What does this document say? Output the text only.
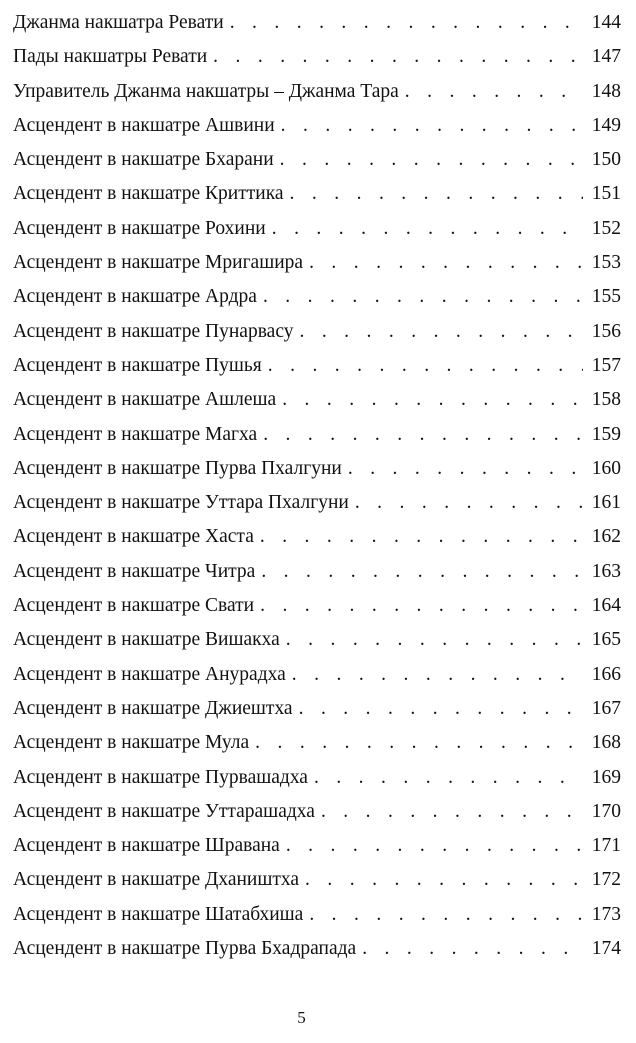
Джанма накшатра Ревати . . .	144
Пады накшатры Ревати . . .	147
Управитель Джанма накшатры – Джанма Тара . . .	148
Асцендент в накшатре Ашвини . . .	149
Асцендент в накшатре Бхарани . . .	150
Асцендент в накшатре Криттика . . .	151
Асцендент в накшатре Рохини . . .	152
Асцендент в накшатре Мригашира . . .	153
Асцендент в накшатре Ардра . . .	155
Асцендент в накшатре Пунарвасу . . .	156
Асцендент в накшатре Пушья . . .	157
Асцендент в накшатре Ашлеша . . .	158
Асцендент в накшатре Магха . . .	159
Асцендент в накшатре Пурва Пхалгуни . . .	160
Асцендент в накшатре Уттара Пхалгуни . . .	161
Асцендент в накшатре Хаста . . .	162
Асцендент в накшатре Читра . . .	163
Асцендент в накшатре Свати . . .	164
Асцендент в накшатре Вишакха . . .	165
Асцендент в накшатре Анурадха . . .	166
Асцендент в накшатре Джиештха . . .	167
Асцендент в накшатре Мула . . .	168
Асцендент в накшатре Пурвашадха . . .	169
Асцендент в накшатре Уттарашадха . . .	170
Асцендент в накшатре Шравана . . .	171
Асцендент в накшатре Дхаништха . . .	172
Асцендент в накшатре Шатабхиша . . .	173
Асцендент в накшатре Пурва Бхадрапада . . .	174
5
